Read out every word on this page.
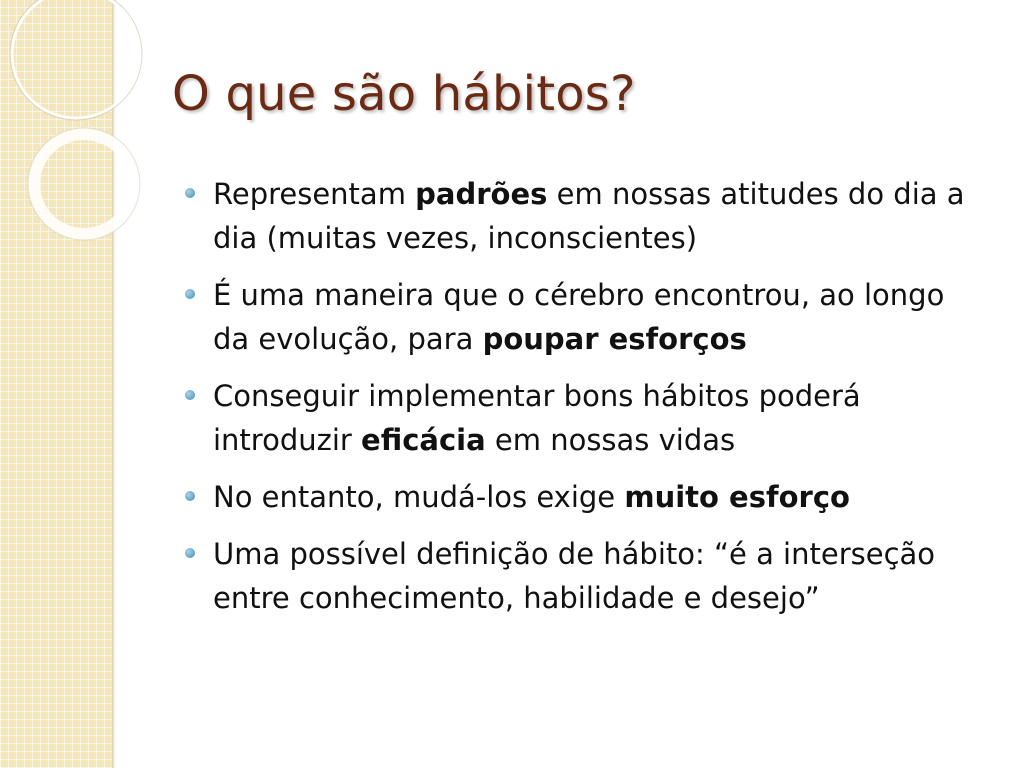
O que são hábitos?
Representam padrões em nossas atitudes do dia a dia (muitas vezes, inconscientes)
É uma maneira que o cérebro encontrou, ao longo da evolução, para poupar esforços
Conseguir implementar bons hábitos poderá introduzir eficácia em nossas vidas
No entanto, mudá-los exige muito esforço
Uma possível definição de hábito: “é a interseção entre conhecimento, habilidade e desejo”
